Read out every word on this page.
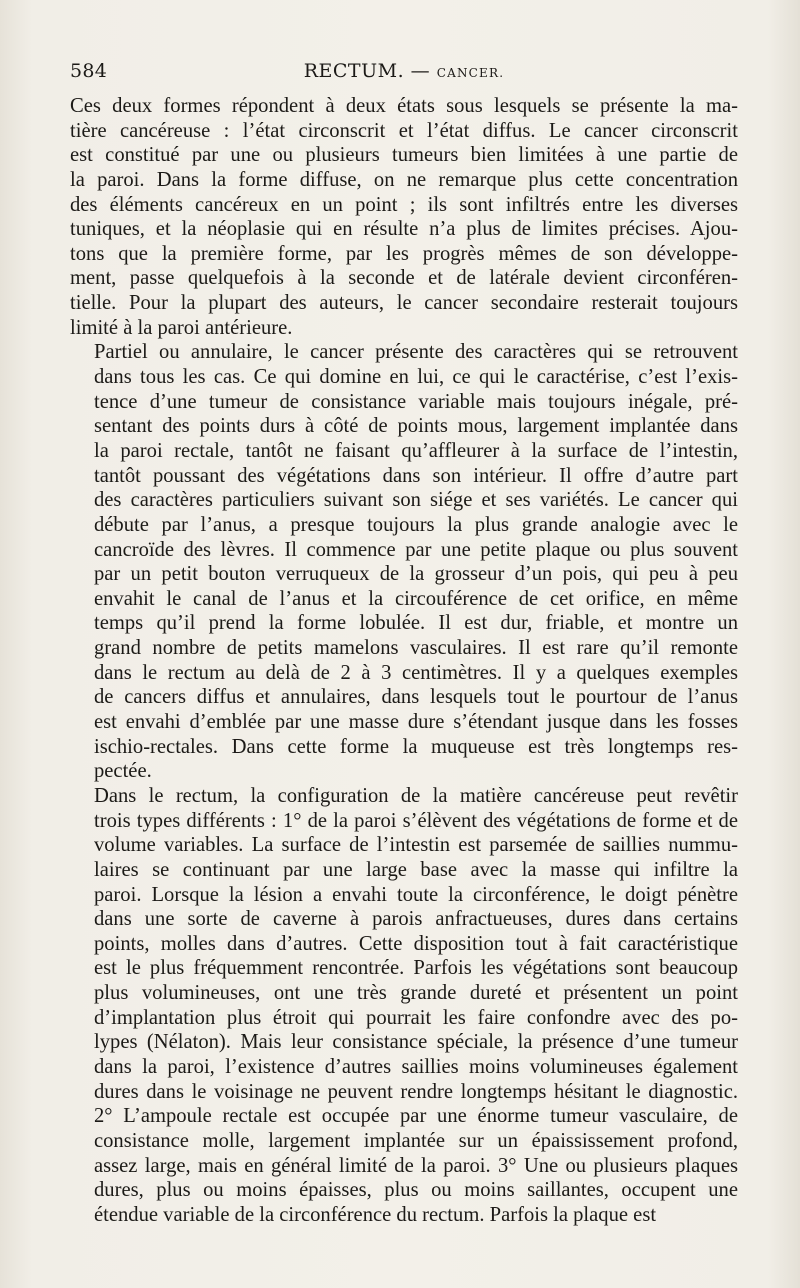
584	RECTUM. — CANCER.
Ces deux formes répondent à deux états sous lesquels se présente la ma-
tière cancéreuse : l’état circonscrit et l’état diffus. Le cancer circonscrit
est constitué par une ou plusieurs tumeurs bien limitées à une partie de
la paroi. Dans la forme diffuse, on ne remarque plus cette concentration
des éléments cancéreux en un point ; ils sont infiltrés entre les diverses
tuniques, et la néoplasie qui en résulte n’a plus de limites précises. Ajou-
tons que la première forme, par les progrès mêmes de son développe-
ment, passe quelquefois à la seconde et de latérale devient circonféren-
tielle. Pour la plupart des auteurs, le cancer secondaire resterait toujours
limité à la paroi antérieure.
Partiel ou annulaire, le cancer présente des caractères qui se retrouvent
dans tous les cas. Ce qui domine en lui, ce qui le caractérise, c’est l’exis-
tence d’une tumeur de consistance variable mais toujours inégale, pré-
sentant des points durs à côté de points mous, largement implantée dans
la paroi rectale, tantôt ne faisant qu’affleurer à la surface de l’intestin,
tantôt poussant des végétations dans son intérieur. Il offre d’autre part
des caractères particuliers suivant son siége et ses variétés. Le cancer qui
débute par l’anus, a presque toujours la plus grande analogie avec le
cancroïde des lèvres. Il commence par une petite plaque ou plus souvent
par un petit bouton verruqueux de la grosseur d’un pois, qui peu à peu
envahit le canal de l’anus et la circouférence de cet orifice, en même
temps qu’il prend la forme lobulée. Il est dur, friable, et montre un
grand nombre de petits mamelons vasculaires. Il est rare qu’il remonte
dans le rectum au delà de 2 à 3 centimètres. Il y a quelques exemples
de cancers diffus et annulaires, dans lesquels tout le pourtour de l’anus
est envahi d’emblée par une masse dure s’étendant jusque dans les fosses
ischio-rectales. Dans cette forme la muqueuse est très longtemps res-
pectée.
Dans le rectum, la configuration de la matière cancéreuse peut revêtir
trois types différents : 1° de la paroi s’élèvent des végétations de forme et de
volume variables. La surface de l’intestin est parsemée de saillies nummu-
laires se continuant par une large base avec la masse qui infiltre la
paroi. Lorsque la lésion a envahi toute la circonférence, le doigt pénètre
dans une sorte de caverne à parois anfractueuses, dures dans certains
points, molles dans d’autres. Cette disposition tout à fait caractéristique
est le plus fréquemment rencontrée. Parfois les végétations sont beaucoup
plus volumineuses, ont une très grande dureté et présentent un point
d’implantation plus étroit qui pourrait les faire confondre avec des po-
lypes (Nélaton). Mais leur consistance spéciale, la présence d’une tumeur
dans la paroi, l’existence d’autres saillies moins volumineuses également
dures dans le voisinage ne peuvent rendre longtemps hésitant le diagnostic.
2° L’ampoule rectale est occupée par une énorme tumeur vasculaire, de
consistance molle, largement implantée sur un épaississement profond,
assez large, mais en général limité de la paroi. 3° Une ou plusieurs plaques
dures, plus ou moins épaisses, plus ou moins saillantes, occupent une
étendue variable de la circonférence du rectum. Parfois la plaque est
